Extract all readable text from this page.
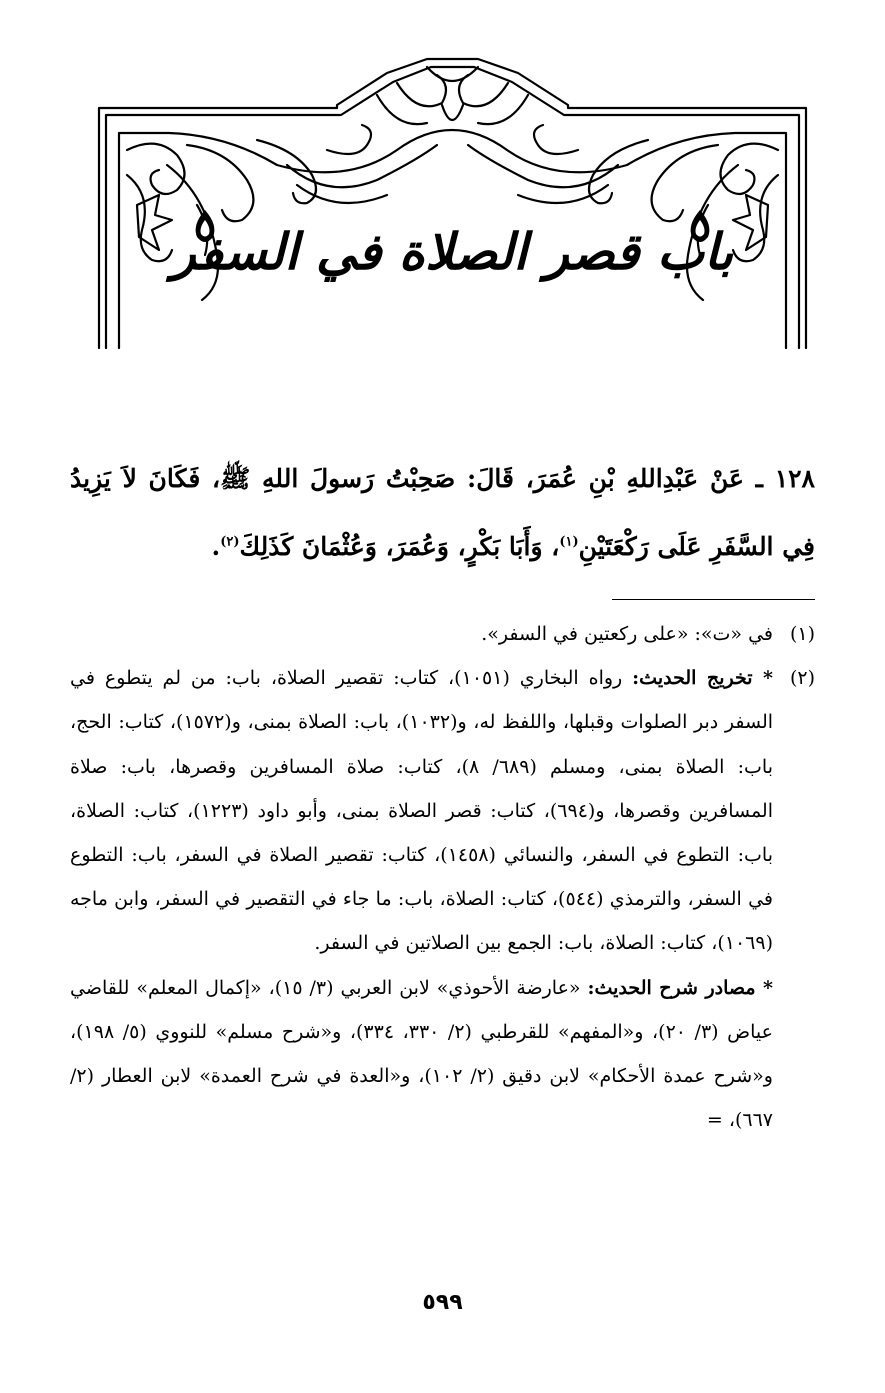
باب قصر الصلاة في السفر
١٢٨ ـ عَنْ عَبْدِاللهِ بْنِ عُمَرَ، قَالَ: صَحِبْتُ رَسولَ اللهِ ﷺ، فَكَانَ لاَ يَزِيدُ فِي السَّفَرِ عَلَى رَكْعَتَيْنِ$^{(١)}$، وَأَبَا بَكْرٍ، وَعُمَرَ، وَعُثْمَانَ كَذَلِكَ$^{(٢)}$.
(١)
في «ت»: «على ركعتين في السفر».
(٢)
* تخريج الحديث: رواه البخاري (١٠٥١)، كتاب: تقصير الصلاة، باب: من لم يتطوع في السفر دبر الصلوات وقبلها، واللفظ له، و(١٠٣٢)، باب: الصلاة بمنى، و(١٥٧٢)، كتاب: الحج، باب: الصلاة بمنى، ومسلم (٦٨٩/ ٨)، كتاب: صلاة المسافرين وقصرها، باب: صلاة المسافرين وقصرها، و(٦٩٤)، كتاب: قصر الصلاة بمنى، وأبو داود (١٢٢٣)، كتاب: الصلاة، باب: التطوع في السفر، والنسائي (١٤٥٨)، كتاب: تقصير الصلاة في السفر، باب: التطوع في السفر، والترمذي (٥٤٤)، كتاب: الصلاة، باب: ما جاء في التقصير في السفر، وابن ماجه (١٠٦٩)، كتاب: الصلاة، باب: الجمع بين الصلاتين في السفر.
* مصادر شرح الحديث: «عارضة الأحوذي» لابن العربي (٣/ ١٥)، «إكمال المعلم» للقاضي عياض (٣/ ٢٠)، و«المفهم» للقرطبي (٢/ ٣٣٠، ٣٣٤)، و«شرح مسلم» للنووي (٥/ ١٩٨)، و«شرح عمدة الأحكام» لابن دقيق (٢/ ١٠٢)، و«العدة في شرح العمدة» لابن العطار (٢/ ٦٦٧)، =
٥٩٩
